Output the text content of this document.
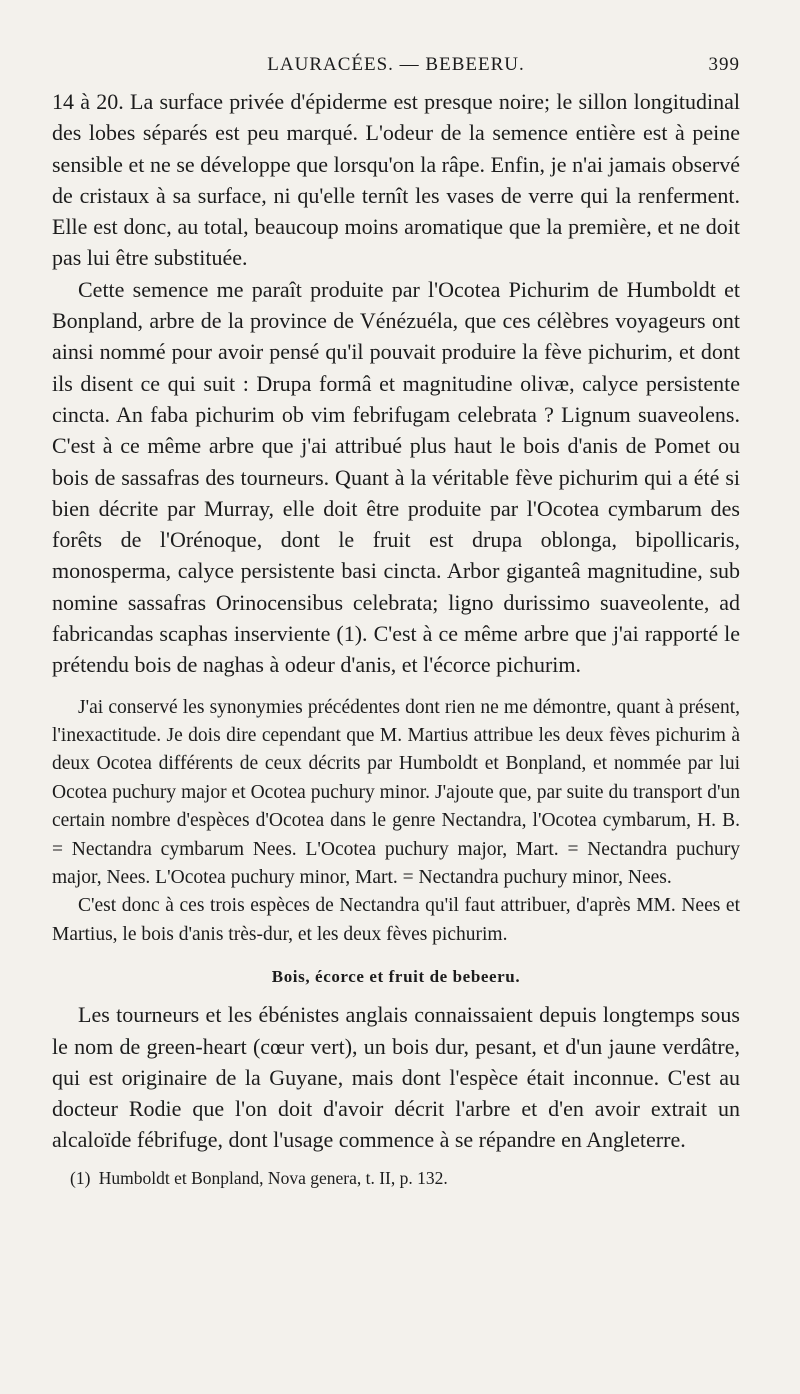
LAURACÉES. — BEBEERU.	399

14 à 20. La surface privée d'épiderme est presque noire; le sillon longitudinal des lobes séparés est peu marqué. L'odeur de la semence entière est à peine sensible et ne se développe que lorsqu'on la râpe. Enfin, je n'ai jamais observé de cristaux à sa surface, ni qu'elle ternît les vases de verre qui la renferment. Elle est donc, au total, beaucoup moins aromatique que la première, et ne doit pas lui être substituée.

Cette semence me paraît produite par l'Ocotea Pichurim de Humboldt et Bonpland, arbre de la province de Vénézuéla, que ces célèbres voyageurs ont ainsi nommé pour avoir pensé qu'il pouvait produire la fève pichurim, et dont ils disent ce qui suit : Drupa formâ et magnitudine olivæ, calyce persistente cincta. An faba pichurim ob vim febrifugam celebrata ? Lignum suaveolens. C'est à ce même arbre que j'ai attribué plus haut le bois d'anis de Pomet ou bois de sassafras des tourneurs. Quant à la véritable fève pichurim qui a été si bien décrite par Murray, elle doit être produite par l'Ocotea cymbarum des forêts de l'Orénoque, dont le fruit est drupa oblonga, bipollicaris, monosperma, calyce persistente basi cincta. Arbor giganteâ magnitudine, sub nomine sassafras Orinocensibus celebrata; ligno durissimo suaveolente, ad fabricandas scaphas inserviente (1). C'est à ce même arbre que j'ai rapporté le prétendu bois de naghas à odeur d'anis, et l'écorce pichurim.

J'ai conservé les synonymies précédentes dont rien ne me démontre, quant à présent, l'inexactitude. Je dois dire cependant que M. Martius attribue les deux fèves pichurim à deux Ocotea différents de ceux décrits par Humboldt et Bonpland, et nommée par lui Ocotea puchury major et Ocotea puchury minor. J'ajoute que, par suite du transport d'un certain nombre d'espèces d'Ocotea dans le genre Nectandra, l'Ocotea cymbarum, H. B. = Nectandra cymbarum Nees. L'Ocotea puchury major, Mart. = Nectandra puchury major, Nees. L'Ocotea puchury minor, Mart. = Nectandra puchury minor, Nees.

C'est donc à ces trois espèces de Nectandra qu'il faut attribuer, d'après MM. Nees et Martius, le bois d'anis très-dur, et les deux fèves pichurim.

Bois, écorce et fruit de bebeeru.

Les tourneurs et les ébénistes anglais connaissaient depuis longtemps sous le nom de green-heart (cœur vert), un bois dur, pesant, et d'un jaune verdâtre, qui est originaire de la Guyane, mais dont l'espèce était inconnue. C'est au docteur Rodie que l'on doit d'avoir décrit l'arbre et d'en avoir extrait un alcaloïde fébrifuge, dont l'usage commence à se répandre en Angleterre.

(1) Humboldt et Bonpland, Nova genera, t. II, p. 132.
